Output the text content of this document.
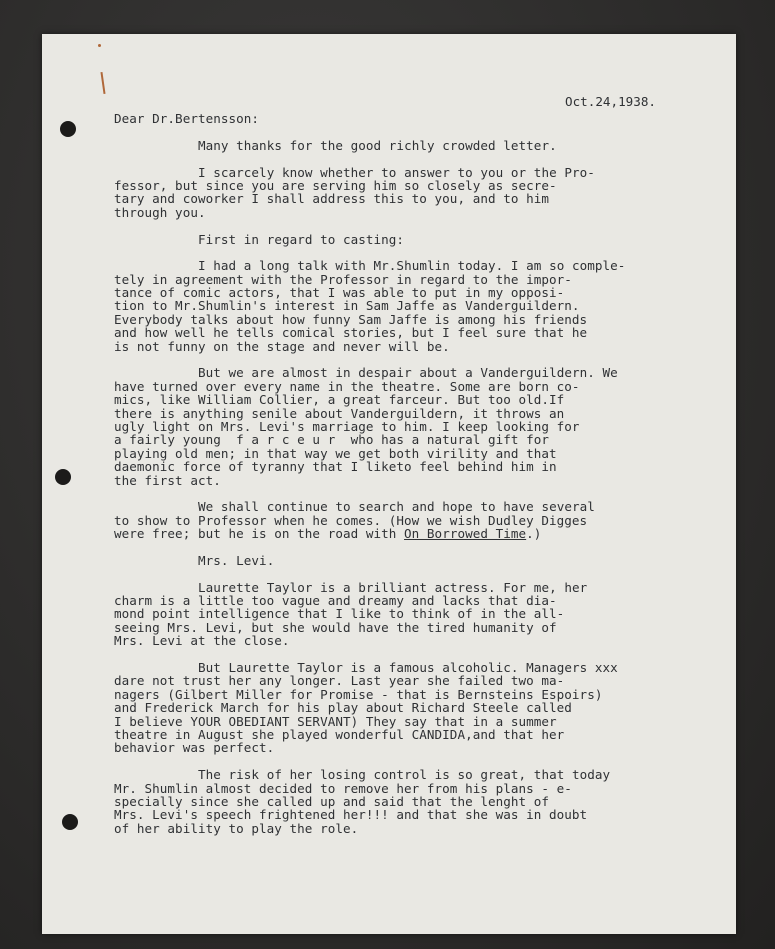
Oct.24,1938.
Dear Dr.Bertensson:
Many thanks for the good richly crowded letter.
I scarcely know whether to answer to you or the Pro-
fessor, but since you are serving him so closely as secre-
tary and coworker I shall address this to you, and to him
through you.
First in regard to casting:
I had a long talk with Mr.Shumlin today. I am so comple-
tely in agreement with the Professor in regard to the impor-
tance of comic actors, that I was able to put in my opposi-
tion to Mr.Shumlin's interest in Sam Jaffe as Vanderguildern.
Everybody talks about how funny Sam Jaffe is among his friends
and how well he tells comical stories, but I feel sure that he
is not funny on the stage and never will be.
But we are almost in despair about a Vanderguildern. We
have turned over every name in the theatre. Some are born co-
mics, like William Collier, a great farceur. But too old.If
there is anything senile about Vanderguildern, it throws an
ugly light on Mrs. Levi's marriage to him. I keep looking for
a fairly young  f a r c e u r  who has a natural gift for
playing old men; in that way we get both virility and that
daemonic force of tyranny that I liketo feel behind him in
the first act.
We shall continue to search and hope to have several
to show to Professor when he comes. (How we wish Dudley Digges
were free; but he is on the road with On Borrowed Time.)
Mrs. Levi.
Laurette Taylor is a brilliant actress. For me, her
charm is a little too vague and dreamy and lacks that dia-
mond point intelligence that I like to think of in the all-
seeing Mrs. Levi, but she would have the tired humanity of
Mrs. Levi at the close.
But Laurette Taylor is a famous alcoholic. Managers xxx
dare not trust her any longer. Last year she failed two ma-
nagers (Gilbert Miller for Promise - that is Bernsteins Espoirs)
and Frederick March for his play about Richard Steele called
I believe YOUR OBEDIANT SERVANT) They say that in a summer
theatre in August she played wonderful CANDIDA,and that her
behavior was perfect.
The risk of her losing control is so great, that today
Mr. Shumlin almost decided to remove her from his plans - e-
specially since she called up and said that the lenght of
Mrs. Levi's speech frightened her!!! and that she was in doubt
of her ability to play the role.
